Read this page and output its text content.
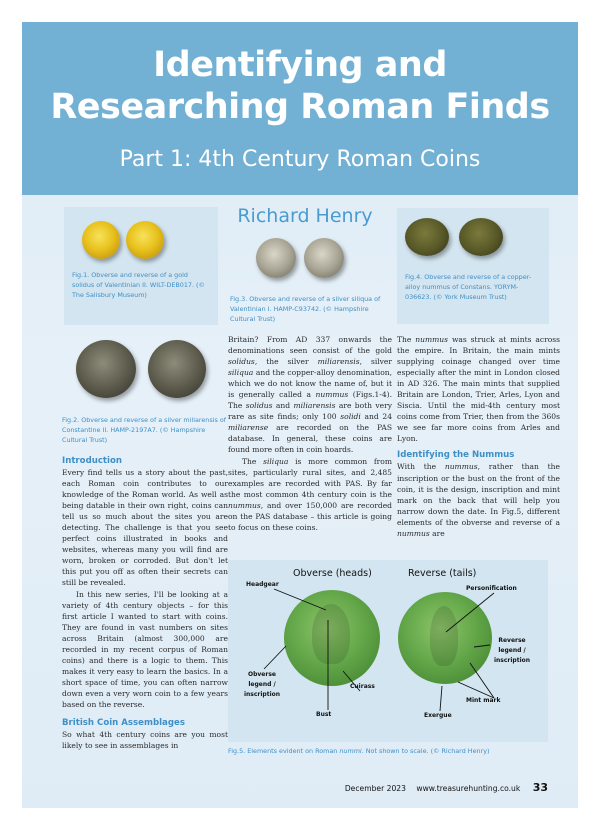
Identifying and
Researching Roman Finds
Part 1: 4th Century Roman Coins
Fig.1. Obverse and reverse of a gold solidus of Valentinian II. WILT-DEB017. (© The Salisbury Museum)
Richard Henry
Fig.3. Obverse and reverse of a silver siliqua of Valentinian I. HAMP-C93742. (© Hampshire Cultural Trust)
Fig.4. Obverse and reverse of a copper-alloy nummus of Constans. YORYM-036623. (© York Museum Trust)
Fig.2. Obverse and reverse of a silver miliarensis of Constantine II. HAMP-2197A7. (© Hampshire Cultural Trust)

Introduction

Every find tells us a story about the past, each Roman coin contributes to our knowledge of the Roman world. As well as being datable in their own right, coins can tell us so much about the sites you are detecting. The challenge is that you see perfect coins illustrated in books and websites, whereas many you will find are worn, broken or corroded. But don't let this put you off as often their secrets can still be revealed.

In this new series, I'll be looking at a variety of 4th century objects – for this first article I wanted to start with coins. They are found in vast numbers on sites across Britain (almost 300,000 are recorded in my recent corpus of Roman coins) and there is a logic to them. This makes it very easy to learn the basics. In a short space of time, you can often narrow down even a very worn coin to a few years based on the reverse.

British Coin Assemblages

So what 4th century coins are you most likely to see in assemblages in

Britain? From AD 337 onwards the denominations seen consist of the gold solidus, the silver miliarensis, silver siliqua and the copper-alloy denomination, which we do not know the name of, but it is generally called a nummus (Figs.1-4). The solidus and miliarensis are both very rare as site finds; only 100 solidi and 24 miliarense are recorded on the PAS database. In general, these coins are found more often in coin hoards.

The siliqua is more common from sites, particularly rural sites, and 2,485 examples are recorded with PAS. By far the most common 4th century coin is the nummus, and over 150,000 are recorded on the PAS database – this article is going to focus on these coins.

The nummus was struck at mints across the empire. In Britain, the main mints supplying coinage changed over time especially after the mint in London closed in AD 326. The main mints that supplied Britain are London, Trier, Arles, Lyon and Siscia. Until the mid-4th century most coins come from Trier, then from the 360s we see far more coins from Arles and Lyon.

Identifying the Nummus

With the nummus, rather than the inscription or the bust on the front of the coin, it is the design, inscription and mint mark on the back that will help you narrow down the date. In Fig.5, different elements of the obverse and reverse of a nummus are

Obverse (heads)	Reverse (tails)
Headgear
Obverse legend / inscription
Bust
Cuirass
Personification
Reverse legend / inscription
Mint mark
Exergue
Fig.5. Elements evident on Roman nummi. Not shown to scale. (© Richard Henry)
December 2023 www.treasurehunting.co.uk 33
